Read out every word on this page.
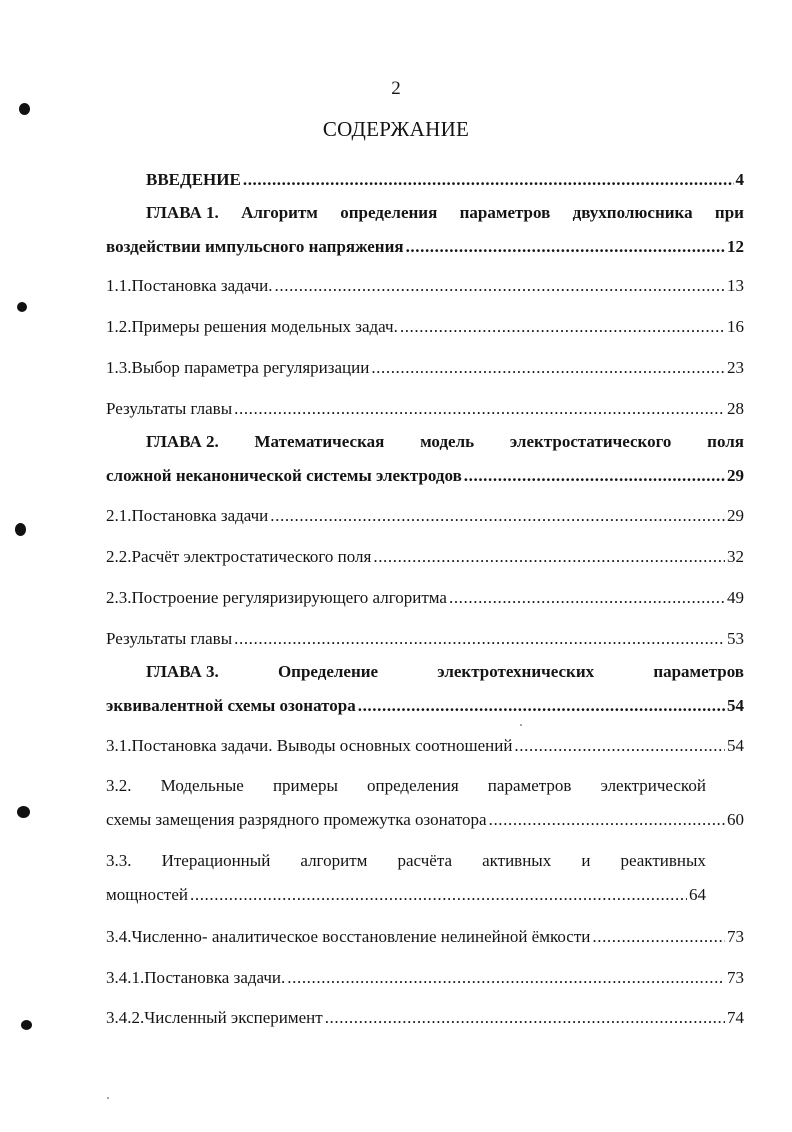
2
СОДЕРЖАНИЕ
ВВЕДЕНИЕ .....	4
ГЛАВА 1. Алгоритм определения параметров двухполюсника при
воздействии импульсного напряжения .....	12
1.1. Постановка задачи. .....	13
1.2. Примеры решения модельных задач. .....	16
1.3. Выбор параметра регуляризации .....	23
Результаты главы .....	28
ГЛАВА 2. Математическая модель электростатического поля
сложной неканонической системы электродов .....	29
2.1. Постановка задачи .....	29
2.2. Расчёт электростатического поля .....	32
2.3. Построение регуляризирующего алгоритма .....	49
Результаты главы .....	53
ГЛАВА 3.	Определение	электротехнических	параметров
эквивалентной схемы озонатора .....	54
3.1. Постановка задачи. Выводы основных соотношений .....	54
3.2. Модельные примеры определения параметров электрической
схемы замещения разрядного промежутка озонатора .....	60
3.3. Итерационный алгоритм расчёта активных и реактивных
мощностей .....	64
3.4. Численно- аналитическое восстановление нелинейной ёмкости .....	73
3.4.1. Постановка задачи. .....	73
3.4.2. Численный эксперимент .....	74
